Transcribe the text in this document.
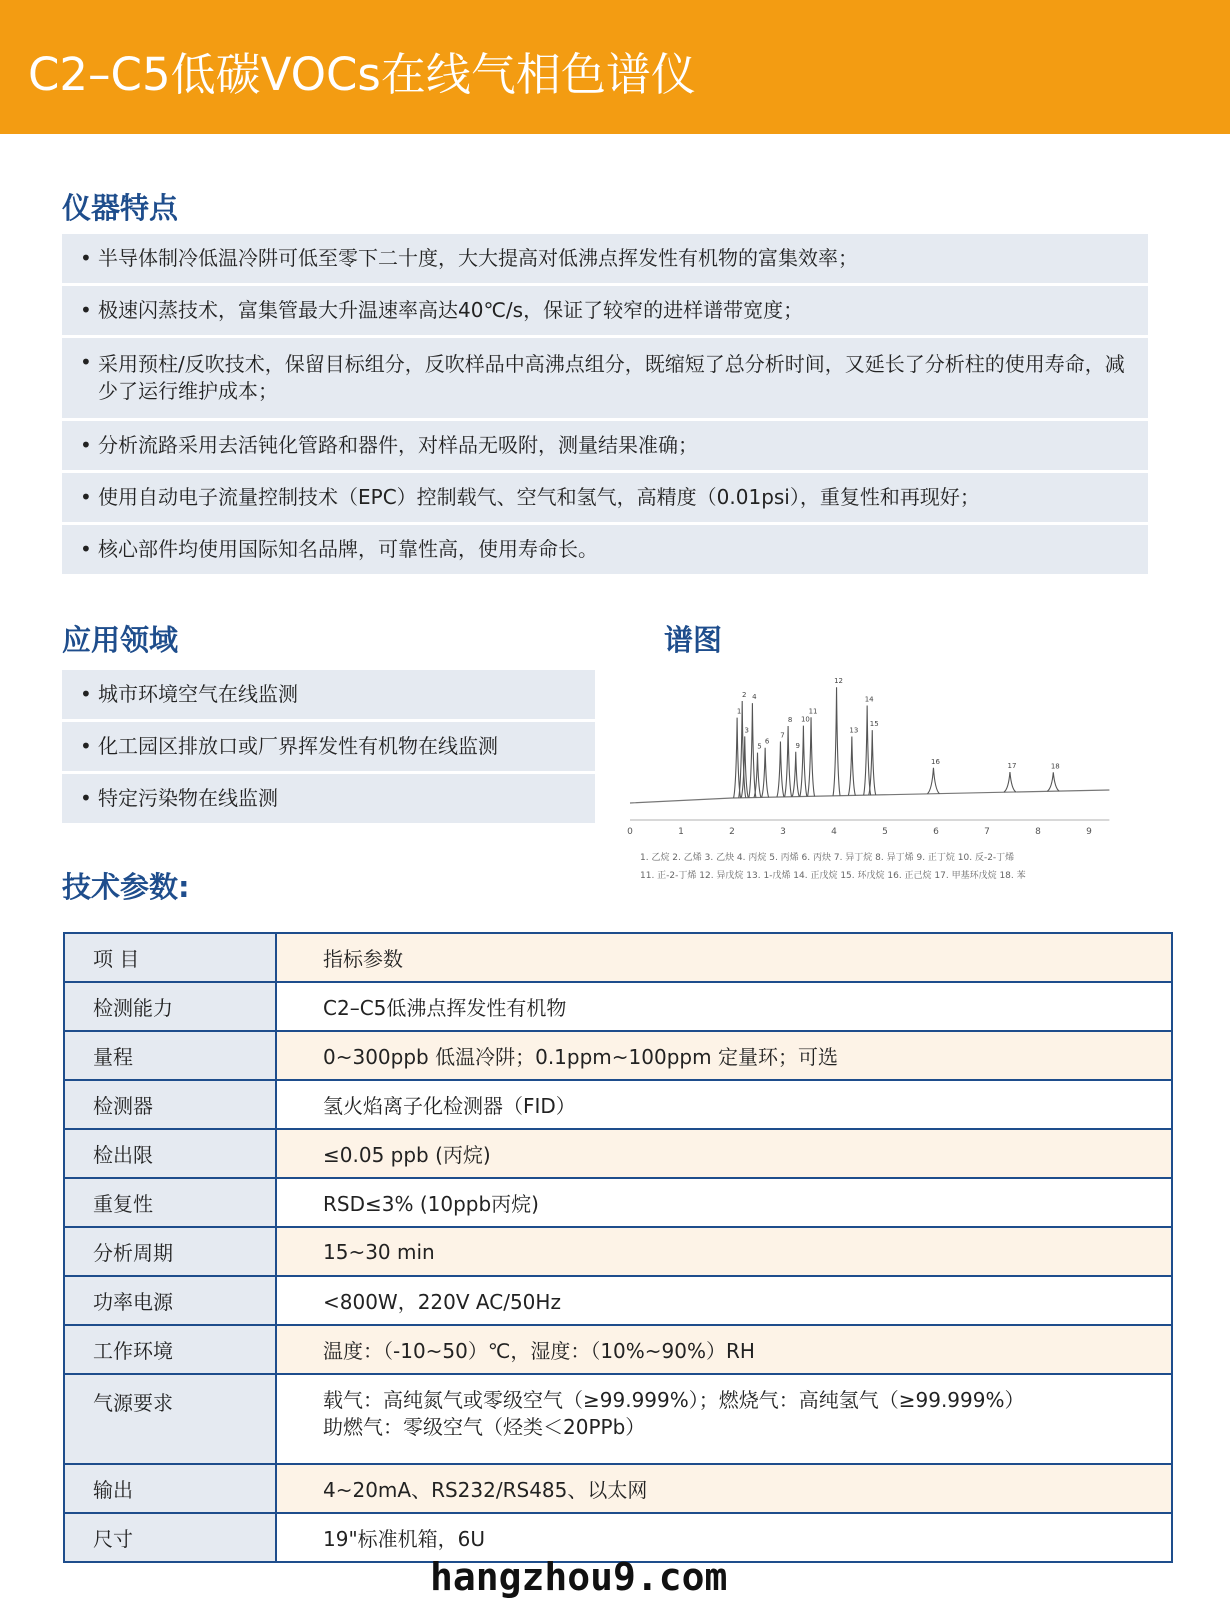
C2–C5低碳VOCs在线气相色谱仪
仪器特点
• 半导体制冷低温冷阱可低至零下二十度，大大提高对低沸点挥发性有机物的富集效率；
• 极速闪蒸技术，富集管最大升温速率高达40℃/s，保证了较窄的进样谱带宽度；
• 采用预柱/反吹技术，保留目标组分，反吹样品中高沸点组分，既缩短了总分析时间，又延长了分析柱的使用寿命，减少了运行维护成本；
• 分析流路采用去活钝化管路和器件，对样品无吸附，测量结果准确；
• 使用自动电子流量控制技术（EPC）控制载气、空气和氢气，高精度（0.01psi），重复性和再现好；
• 核心部件均使用国际知名品牌，可靠性高，使用寿命长。
应用领域
• 城市环境空气在线监测
• 化工园区排放口或厂界挥发性有机物在线监测
• 特定污染物在线监测
谱图
1
2
3
4
5
6
7
8
9
10
11
12
13
14
15
16
17	18
0	1	2	3	4	5	6	7	8	9
1. 乙烷 2. 乙烯 3. 乙炔 4. 丙烷 5. 丙烯 6. 丙炔 7. 异丁烷 8. 异丁烯 9. 正丁烷 10. 反-2-丁烯
11. 正-2-丁烯 12. 异戊烷 13. 1-戊烯 14. 正戊烷 15. 环戊烷 16. 正己烷 17. 甲基环戊烷 18. 苯
技术参数:
项 目	指标参数
检测能力	C2–C5低沸点挥发性有机物
量程	0~300ppb 低温冷阱；0.1ppm~100ppm 定量环；可选
检测器	氢火焰离子化检测器（FID）
检出限	≤0.05 ppb (丙烷)
重复性	RSD≤3% (10ppb丙烷)
分析周期	15~30 min
功率电源	<800W，220V AC/50Hz
工作环境	温度：（-10~50）℃，湿度：（10%~90%）RH
气源要求	载气：高纯氮气或零级空气（≥99.999%）；燃烧气：高纯氢气（≥99.999%）
助燃气：零级空气（烃类＜20PPb）

输出	4~20mA、RS232/RS485、以太网
尺寸	19"标准机箱，6U
hangzhou9.com
